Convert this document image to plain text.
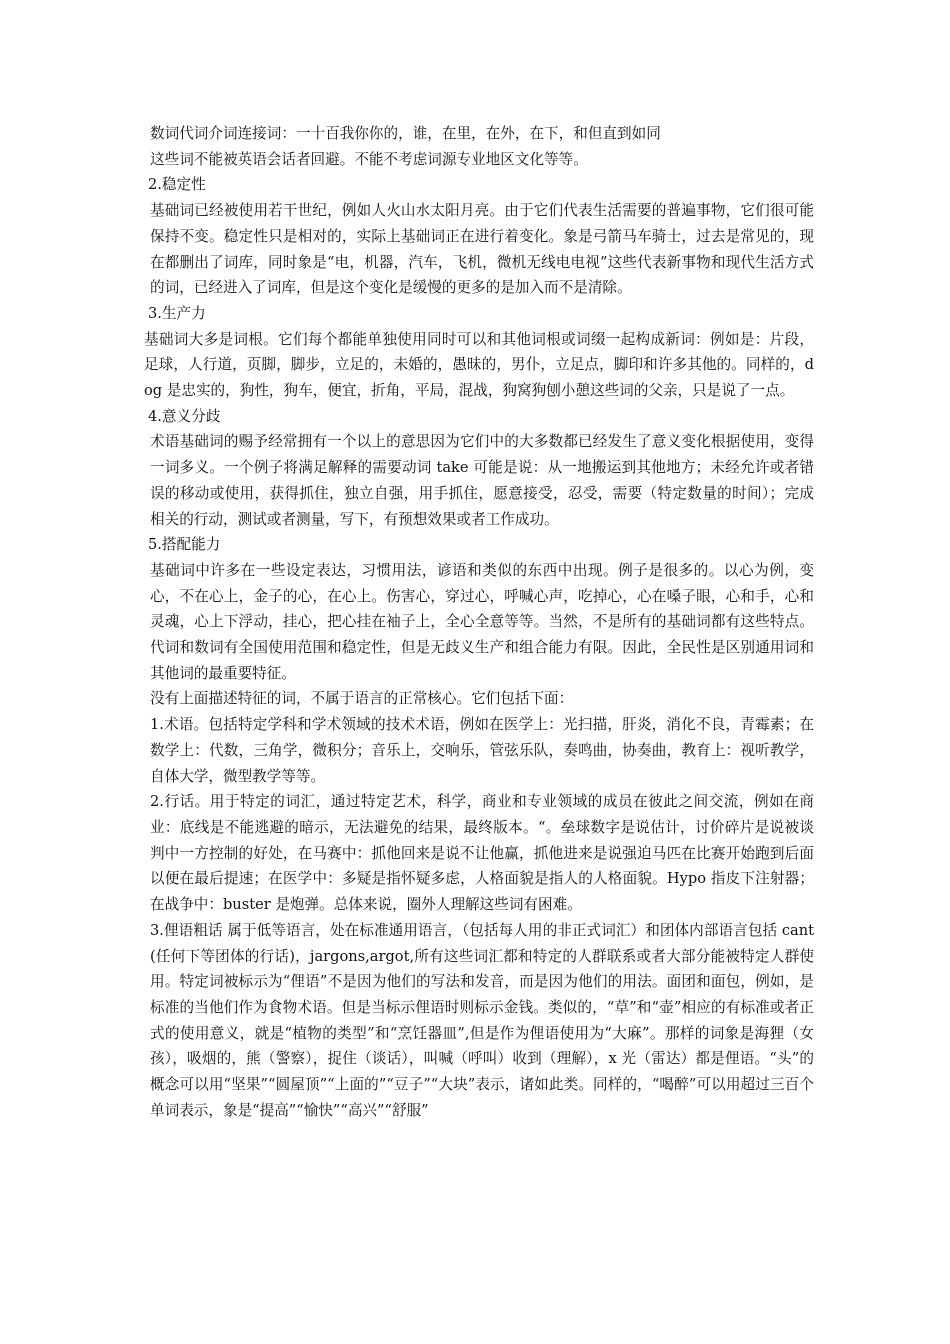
数词代词介词连接词：一十百我你你的，谁，在里，在外，在下，和但直到如同

这些词不能被英语会话者回避。不能不考虑词源专业地区文化等等。

2.稳定性

基础词已经被使用若干世纪，例如人火山水太阳月亮。由于它们代表生活需要的普遍事物，它们很可能保持不变。稳定性只是相对的，实际上基础词正在进行着变化。象是弓箭马车骑士，过去是常见的，现在都删出了词库，同时象是“电，机器，汽车，飞机，微机无线电电视”这些代表新事物和现代生活方式的词，已经进入了词库，但是这个变化是缓慢的更多的是加入而不是清除。

3.生产力

基础词大多是词根。它们每个都能单独使用同时可以和其他词根或词缀一起构成新词：例如是：片段，足球，人行道，页脚，脚步，立足的，未婚的，愚昧的，男仆，立足点，脚印和许多其他的。同样的，dog 是忠实的，狗性，狗车，便宜，折角，平局，混战，狗窝狗刨小憩这些词的父亲，只是说了一点。

4.意义分歧

术语基础词的赐予经常拥有一个以上的意思因为它们中的大多数都已经发生了意义变化根据使用，变得一词多义。一个例子将满足解释的需要动词 take 可能是说：从一地搬运到其他地方；未经允许或者错误的移动或使用，获得抓住，独立自强，用手抓住，愿意接受，忍受，需要（特定数量的时间）；完成相关的行动，测试或者测量，写下，有预想效果或者工作成功。

5.搭配能力

基础词中许多在一些设定表达，习惯用法，谚语和类似的东西中出现。例子是很多的。以心为例，变心，不在心上，金子的心，在心上。伤害心，穿过心，呼喊心声，吃掉心，心在嗓子眼，心和手，心和灵魂，心上下浮动，挂心，把心挂在袖子上，全心全意等等。当然，不是所有的基础词都有这些特点。代词和数词有全国使用范围和稳定性，但是无歧义生产和组合能力有限。因此，全民性是区别通用词和其他词的最重要特征。

没有上面描述特征的词，不属于语言的正常核心。它们包括下面：

1.术语。包括特定学科和学术领域的技术术语，例如在医学上：光扫描，肝炎，消化不良，青霉素；在数学上：代数，三角学，微积分；音乐上，交响乐，管弦乐队，奏鸣曲，协奏曲，教育上：视听教学，自体大学，微型教学等等。

2.行话。用于特定的词汇，通过特定艺术，科学，商业和专业领域的成员在彼此之间交流，例如在商业：底线是不能逃避的暗示，无法避免的结果，最终版本。“。垒球数字是说估计，讨价碎片是说被谈判中一方控制的好处，在马赛中：抓他回来是说不让他赢，抓他进来是说强迫马匹在比赛开始跑到后面以便在最后提速；在医学中：多疑是指怀疑多虑，人格面貌是指人的人格面貌。Hypo 指皮下注射器；在战争中：buster 是炮弹。总体来说，圈外人理解这些词有困难。

3.俚语粗话 属于低等语言，处在标准通用语言，（包括每人用的非正式词汇）和团体内部语言包括 cant(任何下等团体的行话)，jargons,argot,所有这些词汇都和特定的人群联系或者大部分能被特定人群使用。特定词被标示为“俚语”不是因为他们的写法和发音，而是因为他们的用法。面团和面包，例如，是标准的当他们作为食物术语。但是当标示俚语时则标示金钱。类似的，“草”和“壶”相应的有标准或者正式的使用意义，就是“植物的类型”和“烹饪器皿”,但是作为俚语使用为“大麻”。那样的词象是海狸（女孩），吸烟的，熊（警察），捉住（谈话），叫喊（呼叫）收到（理解），x 光（雷达）都是俚语。“头”的概念可以用“坚果”“圆屋顶”“上面的”“豆子”“大块”表示，诸如此类。同样的，“喝醉”可以用超过三百个单词表示，象是“提高”“愉快”“高兴”“舒服”
